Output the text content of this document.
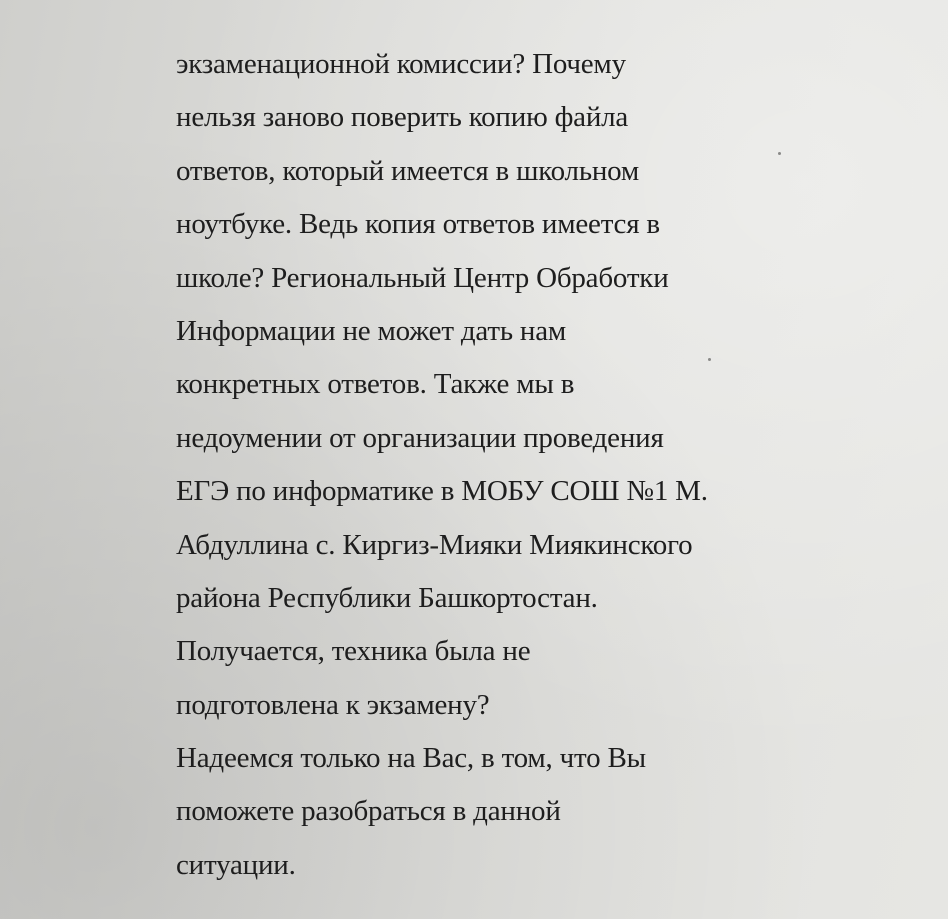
экзаменационной комиссии? Почему
нельзя заново поверить копию файла
ответов, который имеется в школьном
ноутбуке. Ведь копия ответов имеется в
школе? Региональный Центр Обработки
Информации не может дать нам
конкретных ответов. Также мы в
недоумении от организации проведения
ЕГЭ по информатике в МОБУ СОШ №1 М.
Абдуллина с. Киргиз-Мияки Миякинского
района Республики Башкортостан.
Получается, техника была не
подготовлена к экзамену?
Надеемся только на Вас, в том, что Вы
поможете разобраться в данной
ситуации.
